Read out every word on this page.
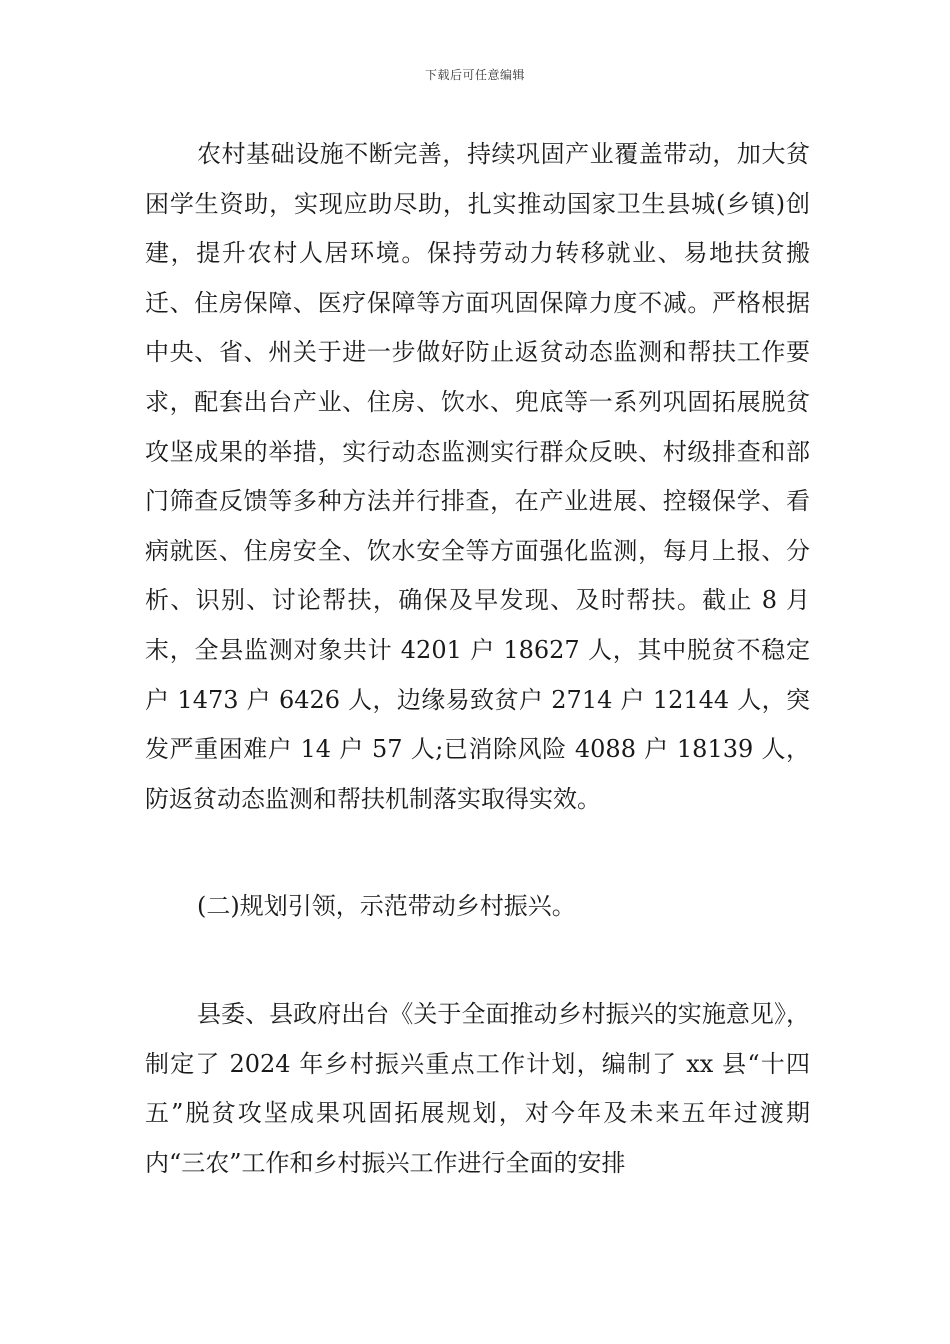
下载后可任意编辑

农村基础设施不断完善，持续巩固产业覆盖带动，加大贫困学生资助，实现应助尽助，扎实推动国家卫生县城(乡镇)创建，提升农村人居环境。保持劳动力转移就业、易地扶贫搬迁、住房保障、医疗保障等方面巩固保障力度不减。严格根据中央、省、州关于进一步做好防止返贫动态监测和帮扶工作要求，配套出台产业、住房、饮水、兜底等一系列巩固拓展脱贫攻坚成果的举措，实行动态监测实行群众反映、村级排查和部门筛查反馈等多种方法并行排查，在产业进展、控辍保学、看病就医、住房安全、饮水安全等方面强化监测，每月上报、分析、识别、讨论帮扶，确保及早发现、及时帮扶。截止 8 月末，全县监测对象共计 4201 户 18627 人，其中脱贫不稳定户 1473 户 6426 人，边缘易致贫户 2714 户 12144 人，突发严重困难户 14 户 57 人;已消除风险 4088 户 18139 人，防返贫动态监测和帮扶机制落实取得实效。

(二)规划引领，示范带动乡村振兴。

县委、县政府出台《关于全面推动乡村振兴的实施意见》，制定了 2024 年乡村振兴重点工作计划，编制了 xx 县“十四五”脱贫攻坚成果巩固拓展规划，对今年及未来五年过渡期内“三农”工作和乡村振兴工作进行全面的安排
